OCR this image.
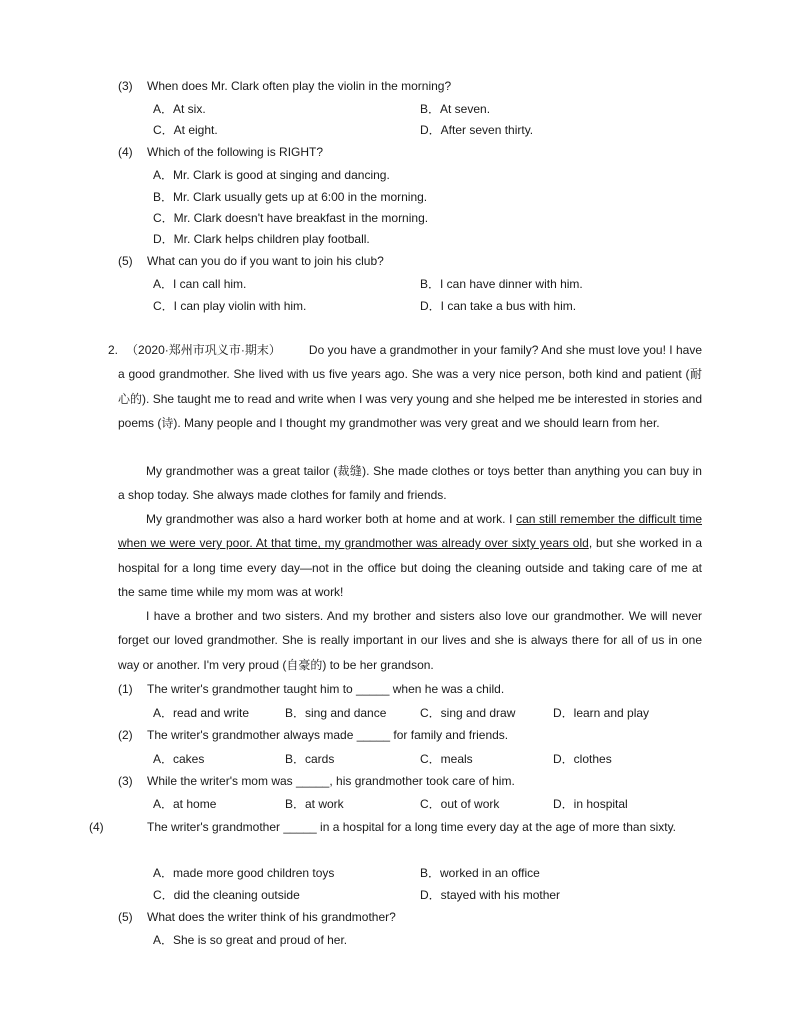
(3) When does Mr. Clark often play the violin in the morning?
A．At six.	B．At seven.
C．At eight.	D．After seven thirty.
(4) Which of the following is RIGHT?
A．Mr. Clark is good at singing and dancing.
B．Mr. Clark usually gets up at 6:00 in the morning.
C．Mr. Clark doesn't have breakfast in the morning.
D．Mr. Clark helps children play football.
(5) What can you do if you want to join his club?
A．I can call him.	B．I can have dinner with him.
C．I can play violin with him.	D．I can take a bus with him.
2. （2020·郑州市巩义市·期末） Do you have a grandmother in your family? And she must love you! I have a good grandmother. She lived with us five years ago. She was a very nice person, both kind and patient (耐心的). She taught me to read and write when I was very young and she helped me be interested in stories and poems (诗). Many people and I thought my grandmother was very great and we should learn from her.
My grandmother was a great tailor (裁缝). She made clothes or toys better than anything you can buy in a shop today. She always made clothes for family and friends.
My grandmother was also a hard worker both at home and at work. I can still remember the difficult time when we were very poor. At that time, my grandmother was already over sixty years old, but she worked in a hospital for a long time every day—not in the office but doing the cleaning outside and taking care of me at the same time while my mom was at work!
I have a brother and two sisters. And my brother and sisters also love our grandmother. We will never forget our loved grandmother. She is really important in our lives and she is always there for all of us in one way or another. I'm very proud (自豪的) to be her grandson.
(1) The writer's grandmother taught him to _____ when he was a child.
A．read and write	B．sing and dance	C．sing and draw	D．learn and play
(2) The writer's grandmother always made _____ for family and friends.
A．cakes	B．cards	C．meals	D．clothes
(3) While the writer's mom was _____, his grandmother took care of him.
A．at home	B．at work	C．out of work	D．in hospital
(4)	The writer's grandmother _____ in a hospital for a long time every day at the age of more than sixty.
A．made more good children toys	B．worked in an office
C．did the cleaning outside	D．stayed with his mother
(5) What does the writer think of his grandmother?
A．She is so great and proud of her.
